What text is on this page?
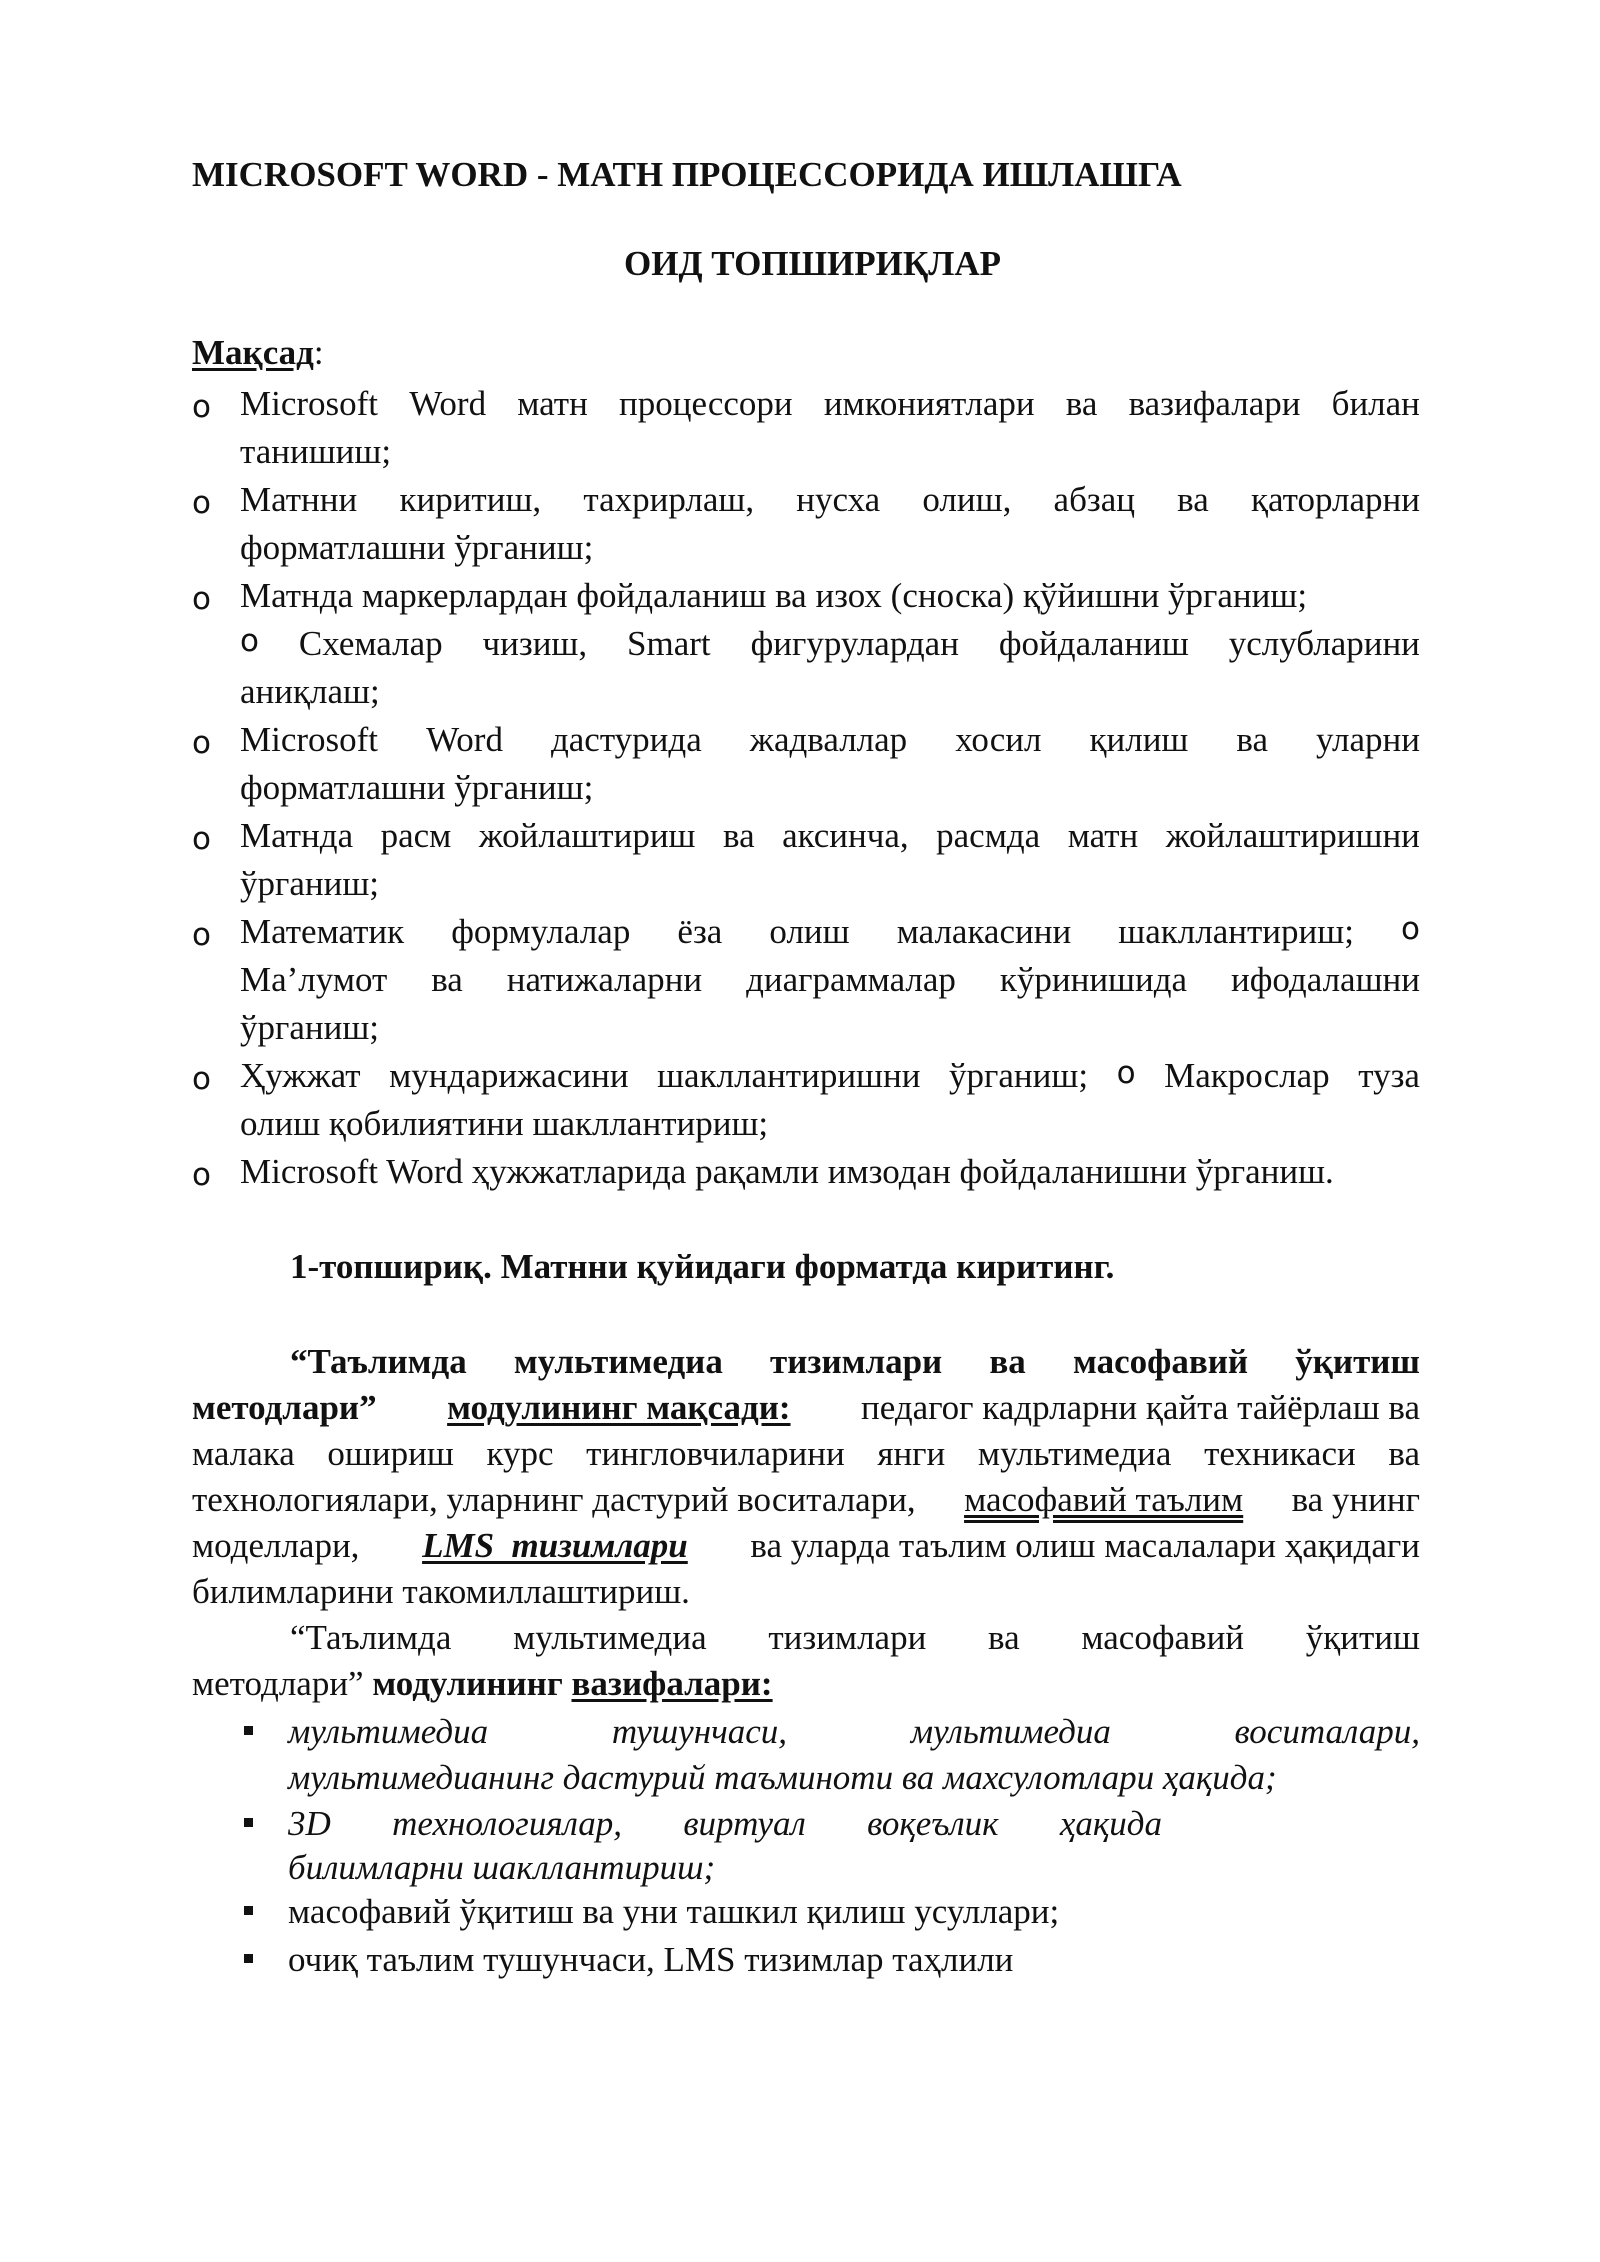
MICROSOFT WORD - МАТН ПРОЦЕССОРИДА ИШЛАШГА
ОИД ТОПШИРИҚЛАР
Мақсад:
o Microsoft Word матн процессори имкониятлари ва вазифалари билан
танишиш;
o Матнни киритиш, тахрирлаш, нусха олиш, абзац ва қаторларни
форматлашни ўрганиш;
o Матнда маркерлардан фойдаланиш ва изох (сноска) қўйишни ўрганиш;
o Схемалар чизиш, Smart фигурулардан фойдаланиш услубларини
аниқлаш;
o Microsoft Word дастурида жадваллар хосил қилиш ва уларни
форматлашни ўрганиш;
o Матнда расм жойлаштириш ва аксинча, расмда матн жойлаштиришни
ўрганиш;
o Математик формулалар ёза олиш малакасини шакллантириш; o
Ма’лумот ва натижаларни диаграммалар кўринишида ифодалашни
ўрганиш;
o Ҳужжат мундарижасини шакллантиришни ўрганиш; o Макрослар туза
олиш қобилиятини шакллантириш;
o Microsoft Word ҳужжатларида рақамли имзодан фойдаланишни ўрганиш.
1-топшириқ. Матнни қуйидаги форматда киритинг.
“Таълимда мультимедиа тизимлари ва масофавий ўқитиш
методлари” модулининг мақсади: педагог кадрларни қайта тайёрлаш ва
малака ошириш курс тингловчиларини янги мультимедиа техникаси ва
технологиялари, уларнинг дастурий воситалари, масофавий таълим ва унинг
моделлари, LMS  тизимлари ва уларда таълим олиш масалалари ҳақидаги
билимларини такомиллаштириш.
“Таълимда мультимедиа тизимлари ва масофавий ўқитиш
методлари” модулининг вазифалари:
мультимедиа	тушунчаси,	мультимедиа	воситалари,
мультимедианинг дастурий таъминоти ва махсулотлари ҳақида;
3D технологиялар, виртуал воқеълик ҳақида
билимларни шакллантириш;
масофавий ўқитиш ва уни ташкил қилиш усуллари;
очиқ таълим тушунчаси, LMS тизимлар таҳлили
